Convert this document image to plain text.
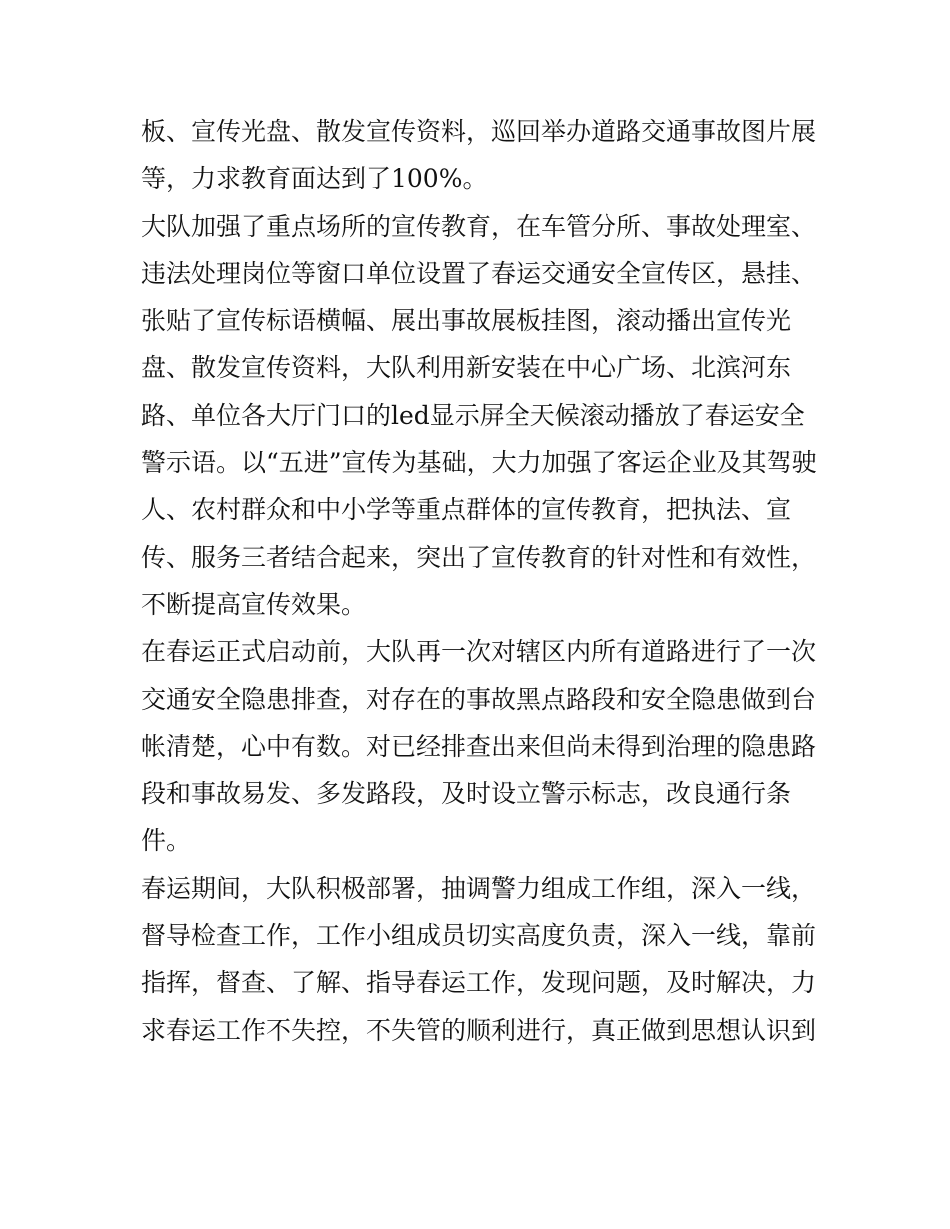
板、宣传光盘、散发宣传资料，巡回举办道路交通事故图片展
等，力求教育面达到了100%。
大队加强了重点场所的宣传教育，在车管分所、事故处理室、
违法处理岗位等窗口单位设置了春运交通安全宣传区，悬挂、
张贴了宣传标语横幅、展出事故展板挂图，滚动播出宣传光
盘、散发宣传资料，大队利用新安装在中心广场、北滨河东
路、单位各大厅门口的led显示屏全天候滚动播放了春运安全
警示语。以“五进”宣传为基础，大力加强了客运企业及其驾驶
人、农村群众和中小学等重点群体的宣传教育，把执法、宣
传、服务三者结合起来，突出了宣传教育的针对性和有效性，
不断提高宣传效果。
在春运正式启动前，大队再一次对辖区内所有道路进行了一次
交通安全隐患排查，对存在的事故黑点路段和安全隐患做到台
帐清楚，心中有数。对已经排查出来但尚未得到治理的隐患路
段和事故易发、多发路段，及时设立警示标志，改良通行条
件。
春运期间，大队积极部署，抽调警力组成工作组，深入一线，
督导检查工作，工作小组成员切实高度负责，深入一线，靠前
指挥，督查、了解、指导春运工作，发现问题，及时解决，力
求春运工作不失控，不失管的顺利进行，真正做到思想认识到
